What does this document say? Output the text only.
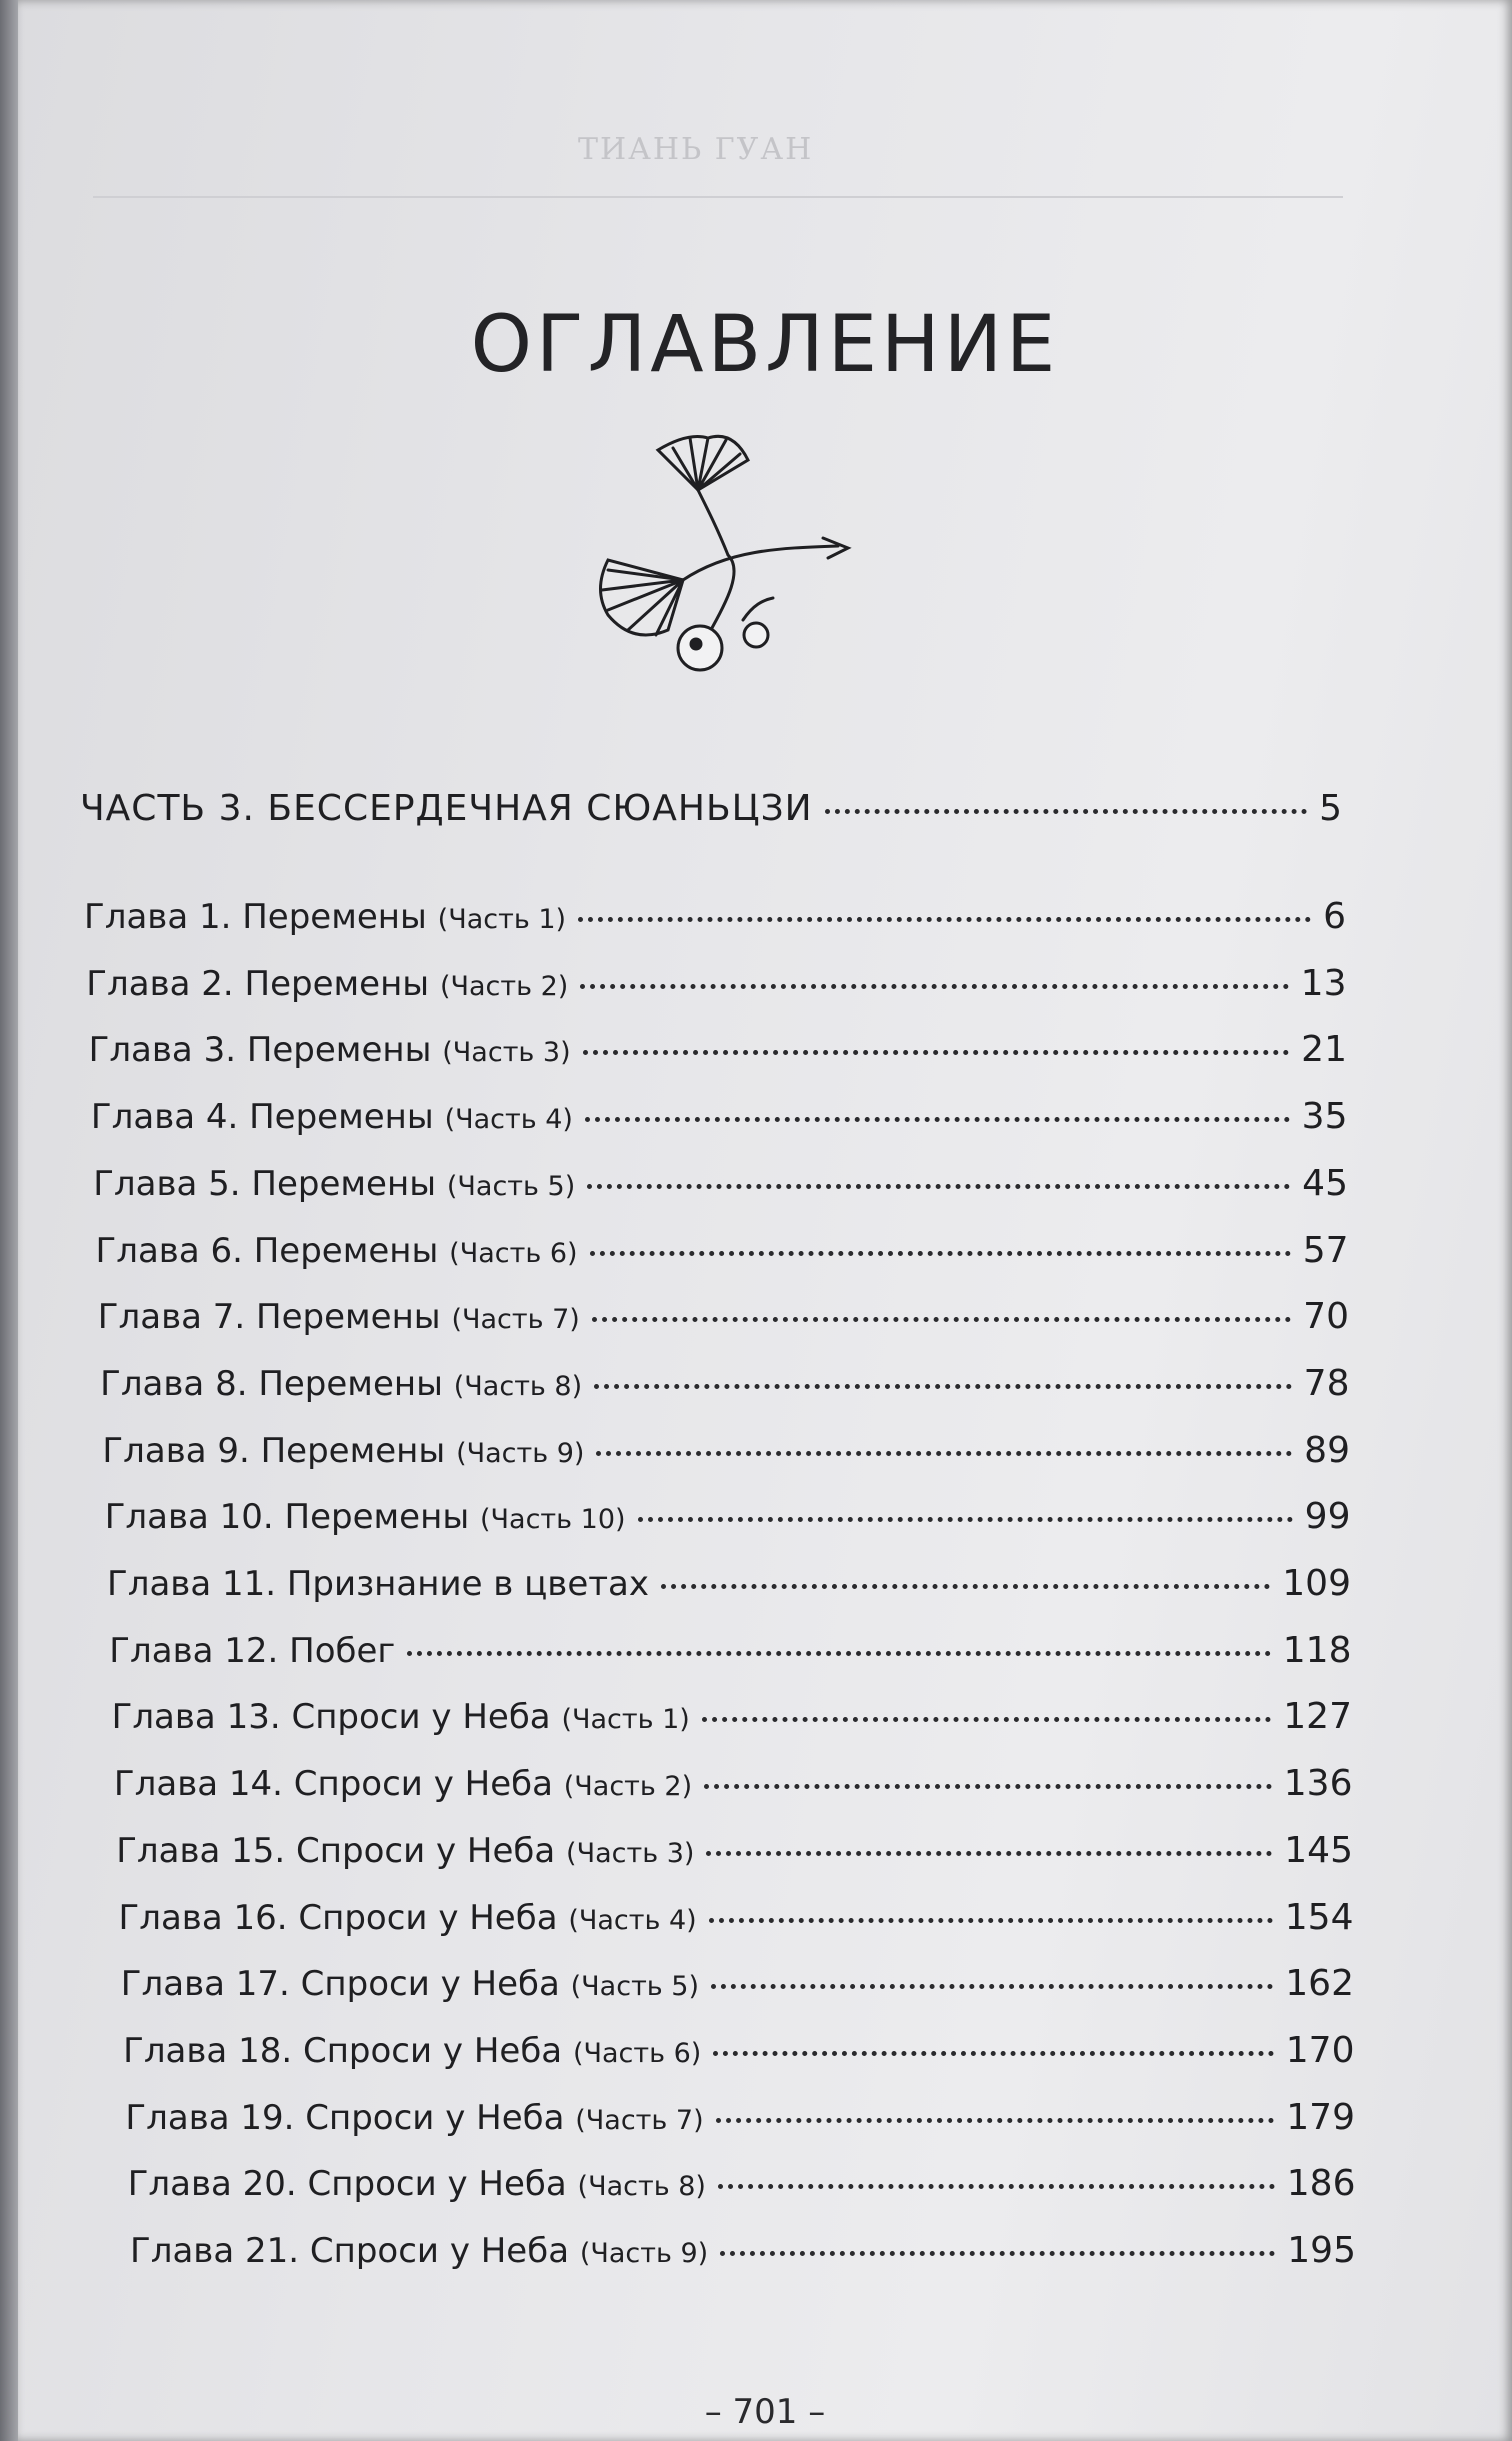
ТИАНЬ ГУАН
ОГЛАВЛЕНИЕ
ЧАСТЬ 3. БЕССЕРДЕЧНАЯ СЮАНЬЦЗИ	5
Глава 1. Перемены (Часть 1)	6
Глава 2. Перемены (Часть 2)	13
Глава 3. Перемены (Часть 3)	21
Глава 4. Перемены (Часть 4)	35
Глава 5. Перемены (Часть 5)	45
Глава 6. Перемены (Часть 6)	57
Глава 7. Перемены (Часть 7)	70
Глава 8. Перемены (Часть 8)	78
Глава 9. Перемены (Часть 9)	89
Глава 10. Перемены (Часть 10)	99
Глава 11. Признание в цветах	109
Глава 12. Побег	118
Глава 13. Спроси у Неба (Часть 1)	127
Глава 14. Спроси у Неба (Часть 2)	136
Глава 15. Спроси у Неба (Часть 3)	145
Глава 16. Спроси у Неба (Часть 4)	154
Глава 17. Спроси у Неба (Часть 5)	162
Глава 18. Спроси у Неба (Часть 6)	170
Глава 19. Спроси у Неба (Часть 7)	179
Глава 20. Спроси у Неба (Часть 8)	186
Глава 21. Спроси у Неба (Часть 9)	195
– 701 –
